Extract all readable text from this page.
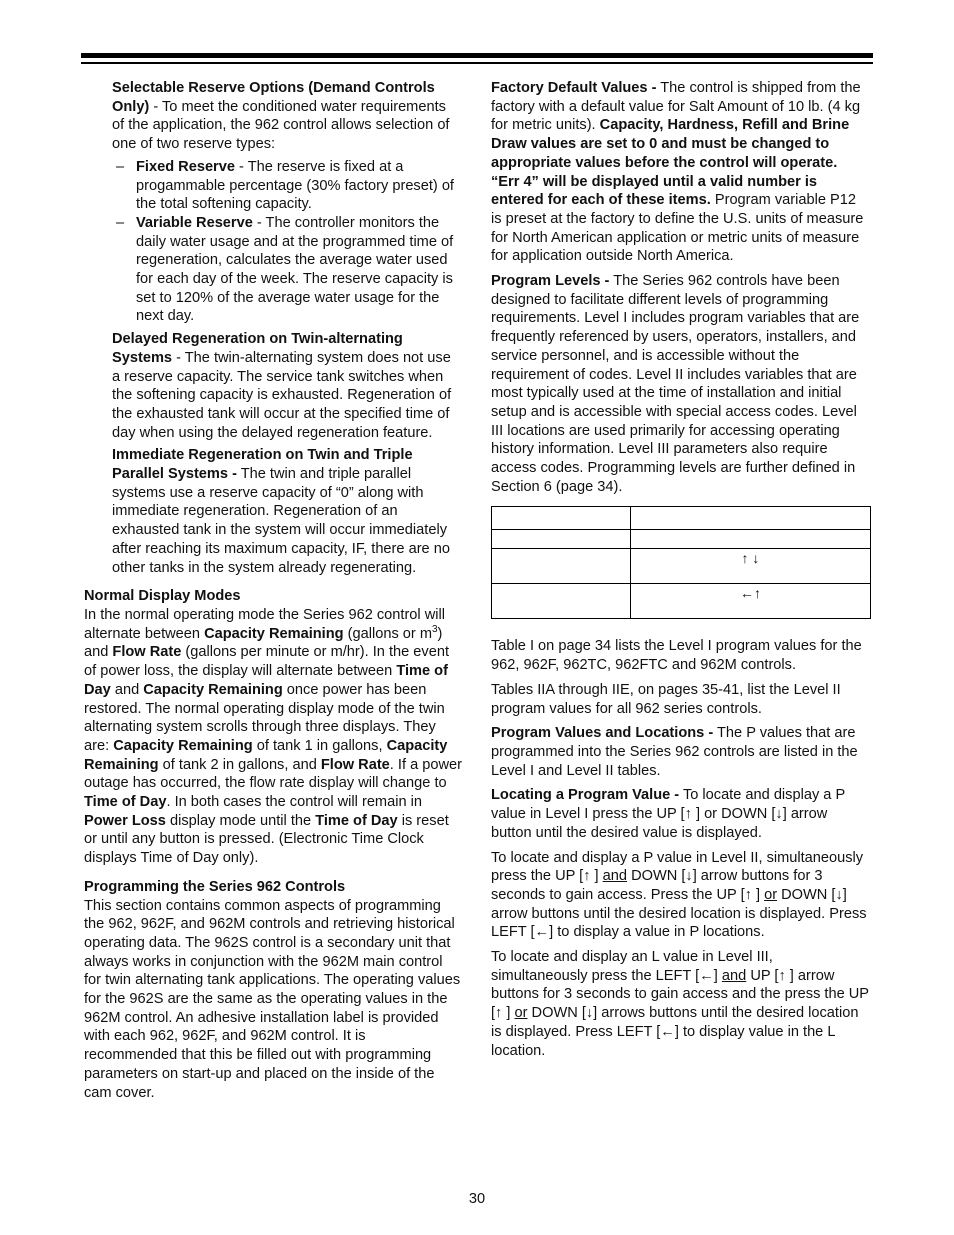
Selectable Reserve Options (Demand Controls Only) - To meet the conditioned water requirements of the application, the 962 control allows selection of one of two reserve types:

– Fixed Reserve - The reserve is fixed at a progammable percentage (30% factory preset) of the total softening capacity.

– Variable Reserve - The controller monitors the daily water usage and at the programmed time of regeneration, calculates the average water used for each day of the week. The reserve capacity is set to 120% of the average water usage for the next day.

Delayed Regeneration on Twin-alternating Systems - The twin-alternating system does not use a reserve capacity. The service tank switches when the softening capacity is exhausted. Regeneration of the exhausted tank will occur at the specified time of day when using the delayed regeneration feature.

Immediate Regeneration on Twin and Triple Parallel Systems - The twin and triple parallel systems use a reserve capacity of “0” along with immediate regeneration. Regeneration of an exhausted tank in the system will occur immediately after reaching its maximum capacity, IF, there are no other tanks in the system already regenerating.

Normal Display Modes
In the normal operating mode the Series 962 control will alternate between Capacity Remaining (gallons or $m^3$) and Flow Rate (gallons per minute or m/hr). In the event of power loss, the display will alternate between Time of Day and Capacity Remaining once power has been restored. The normal operating display mode of the twin alternating system scrolls through three displays. They are: Capacity Remaining of tank 1 in gallons, Capacity Remaining of tank 2 in gallons, and Flow Rate. If a power outage has occurred, the flow rate display will change to Time of Day. In both cases the control will remain in Power Loss display mode until the Time of Day is reset or until any button is pressed. (Electronic Time Clock displays Time of Day only).

Programming the Series 962 Controls
This section contains common aspects of programming the 962, 962F, and 962M controls and retrieving historical operating data. The 962S control is a secondary unit that always works in conjunction with the 962M main control for twin alternating tank applications. The operating values for the 962S are the same as the operating values in the 962M control. An adhesive installation label is provided with each 962, 962F, and 962M control. It is recommended that this be filled out with programming parameters on start-up and placed on the inside of the cam cover.

Factory Default Values - The control is shipped from the factory with a default value for Salt Amount of 10 lb. (4 kg for metric units). Capacity, Hardness, Refill and Brine Draw values are set to 0 and must be changed to appropriate values before the control will operate. “Err 4” will be displayed until a valid number is entered for each of these items. Program variable P12 is preset at the factory to define the U.S. units of measure for North American application or metric units of measure for application outside North America.

Program Levels - The Series 962 controls have been designed to facilitate different levels of programming requirements. Level I includes program variables that are frequently referenced by users, operators, installers, and service personnel, and is accessible without the requirement of codes. Level II includes variables that are most typically used at the time of installation and initial setup and is accessible with special access codes. Level III locations are used primarily for accessing operating history information. Level III parameters also require access codes. Programming levels are further defined in Section 6 (page 34).

	↑ ↓
	←↑

Table I on page 34 lists the Level I program values for the 962, 962F, 962TC, 962FTC and 962M controls.

Tables IIA through IIE, on pages 35-41, list the Level II program values for all 962 series controls.

Program Values and Locations - The P values that are programmed into the Series 962 controls are listed in the Level I and Level II tables.

Locating a Program Value - To locate and display a P value in Level I press the UP [↑ ] or DOWN [↓] arrow button until the desired value is displayed.

To locate and display a P value in Level II, simultaneously press the UP [↑ ] and DOWN [↓] arrow buttons for 3 seconds to gain access. Press the UP [↑ ] or DOWN [↓] arrow buttons until the desired location is displayed. Press LEFT [←] to display a value in P locations.

To locate and display an L value in Level III, simultaneously press the LEFT [←] and UP [↑ ] arrow buttons for 3 seconds to gain access and the press the UP [↑ ] or DOWN [↓] arrows buttons until the desired location is displayed. Press LEFT [←] to display value in the L location.

30
